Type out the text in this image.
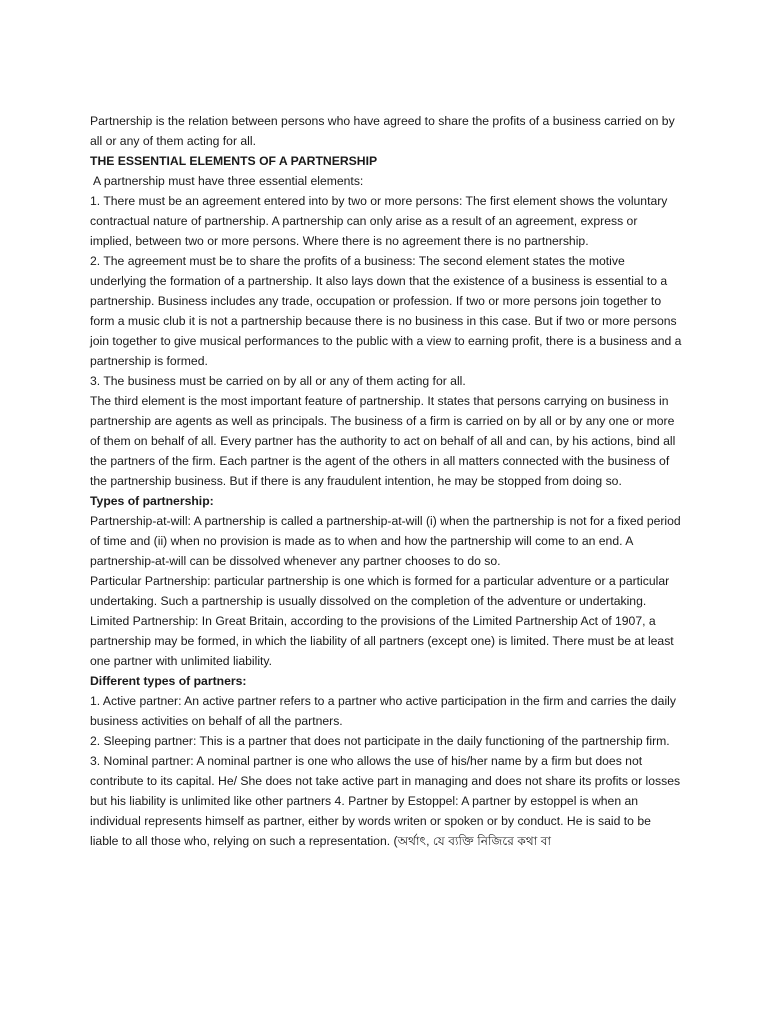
Partnership is the relation between persons who have agreed to share the profits of a business carried on by all or any of them acting for all.

THE ESSENTIAL ELEMENTS OF A PARTNERSHIP

A partnership must have three essential elements:

1. There must be an agreement entered into by two or more persons: The first element shows the voluntary contractual nature of partnership. A partnership can only arise as a result of an agreement, express or implied, between two or more persons. Where there is no agreement there is no partnership.

2. The agreement must be to share the profits of a business: The second element states the motive underlying the formation of a partnership. It also lays down that the existence of a business is essential to a partnership. Business includes any trade, occupation or profession. If two or more persons join together to form a music club it is not a partnership because there is no business in this case. But if two or more persons join together to give musical performances to the public with a view to earning profit, there is a business and a partnership is formed.

3. The business must be carried on by all or any of them acting for all.

The third element is the most important feature of partnership. It states that persons carrying on business in partnership are agents as well as principals. The business of a firm is carried on by all or by any one or more of them on behalf of all. Every partner has the authority to act on behalf of all and can, by his actions, bind all the partners of the firm. Each partner is the agent of the others in all matters connected with the business of the partnership business. But if there is any fraudulent intention, he may be stopped from doing so.

Types of partnership:

Partnership-at-will: A partnership is called a partnership-at-will (i) when the partnership is not for a fixed period of time and (ii) when no provision is made as to when and how the partnership will come to an end. A partnership-at-will can be dissolved whenever any partner chooses to do so.

Particular Partnership: particular partnership is one which is formed for a particular adventure or a particular undertaking. Such a partnership is usually dissolved on the completion of the adventure or undertaking.

Limited Partnership: In Great Britain, according to the provisions of the Limited Partnership Act of 1907, a partnership may be formed, in which the liability of all partners (except one) is limited. There must be at least one partner with unlimited liability.

Different types of partners:

1. Active partner: An active partner refers to a partner who active participation in the firm and carries the daily business activities on behalf of all the partners.

2. Sleeping partner: This is a partner that does not participate in the daily functioning of the partnership firm.

3. Nominal partner: A nominal partner is one who allows the use of his/her name by a firm but does not contribute to its capital. He/ She does not take active part in managing and does not share its profits or losses but his liability is unlimited like other partners 4. Partner by Estoppel: A partner by estoppel is when an individual represents himself as partner, either by words writen or spoken or by conduct. He is said to be liable to all those who, relying on such a representation. (অর্থাৎ, যে ব্যক্তি নিজিরে কথা বা
